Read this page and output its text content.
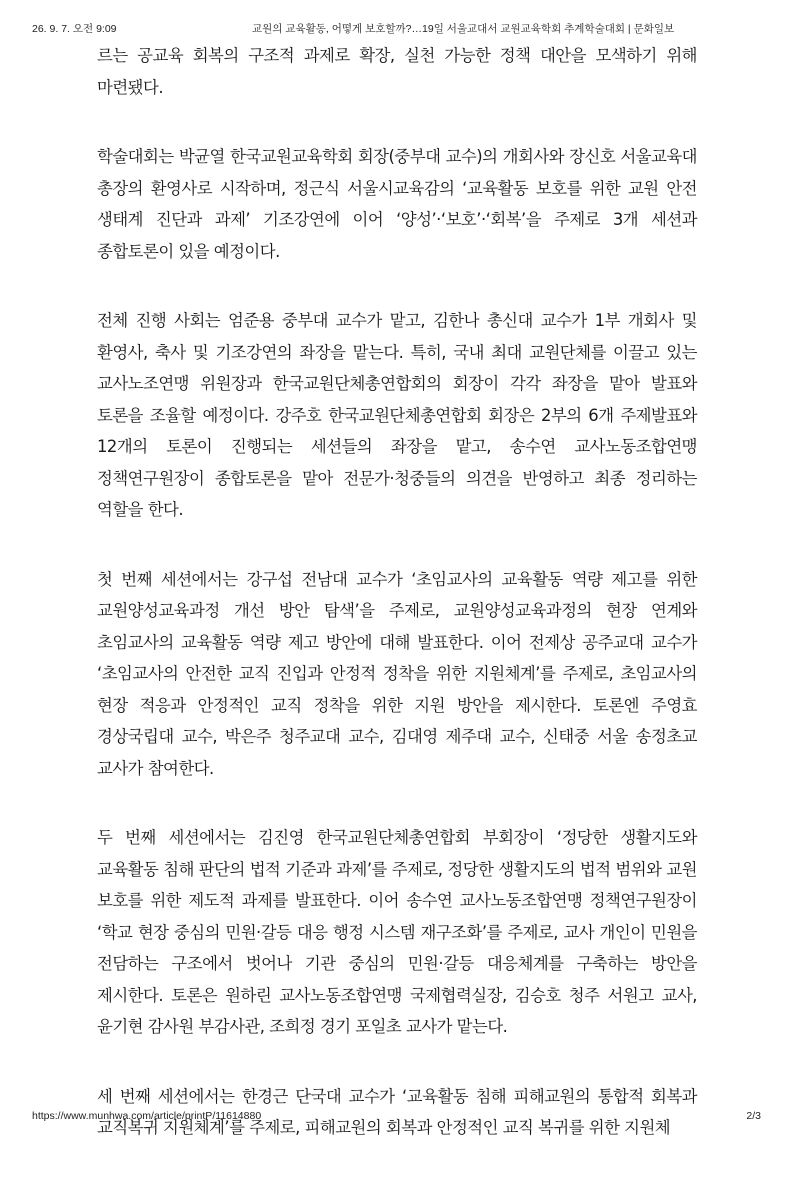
26. 9. 7. 오전 9:09	교원의 교육활동, 어떻게 보호할까?…19일 서울교대서 교원교육학회 추계학술대회 | 문화일보

르는 공교육 회복의 구조적 과제로 확장, 실천 가능한 정책 대안을 모색하기 위해 마련됐다.

학술대회는 박균열 한국교원교육학회 회장(중부대 교수)의 개회사와 장신호 서울교육대 총장의 환영사로 시작하며, 정근식 서울시교육감의 ‘교육활동 보호를 위한 교원 안전 생태계 진단과 과제’ 기조강연에 이어 ‘양성’·‘보호’·‘회복’을 주제로 3개 세션과 종합토론이 있을 예정이다.

전체 진행 사회는 엄준용 중부대 교수가 맡고, 김한나 총신대 교수가 1부 개회사 및 환영사, 축사 및 기조강연의 좌장을 맡는다. 특히, 국내 최대 교원단체를 이끌고 있는 교사노조연맹 위원장과 한국교원단체총연합회의 회장이 각각 좌장을 맡아 발표와 토론을 조율할 예정이다. 강주호 한국교원단체총연합회 회장은 2부의 6개 주제발표와 12개의 토론이 진행되는 세션들의 좌장을 맡고, 송수연 교사노동조합연맹 정책연구원장이 종합토론을 맡아 전문가·청중들의 의견을 반영하고 최종 정리하는 역할을 한다.

첫 번째 세션에서는 강구섭 전남대 교수가 ‘초임교사의 교육활동 역량 제고를 위한 교원양성교육과정 개선 방안 탐색’을 주제로, 교원양성교육과정의 현장 연계와 초임교사의 교육활동 역량 제고 방안에 대해 발표한다. 이어 전제상 공주교대 교수가 ‘초임교사의 안전한 교직 진입과 안정적 정착을 위한 지원체계’를 주제로, 초임교사의 현장 적응과 안정적인 교직 정착을 위한 지원 방안을 제시한다. 토론엔 주영효 경상국립대 교수, 박은주 청주교대 교수, 김대영 제주대 교수, 신태중 서울 송정초교 교사가 참여한다.

두 번째 세션에서는 김진영 한국교원단체총연합회 부회장이 ‘정당한 생활지도와 교육활동 침해 판단의 법적 기준과 과제’를 주제로, 정당한 생활지도의 법적 범위와 교원 보호를 위한 제도적 과제를 발표한다. 이어 송수연 교사노동조합연맹 정책연구원장이 ‘학교 현장 중심의 민원·갈등 대응 행정 시스템 재구조화’를 주제로, 교사 개인이 민원을 전담하는 구조에서 벗어나 기관 중심의 민원·갈등 대응체계를 구축하는 방안을 제시한다. 토론은 원하린 교사노동조합연맹 국제협력실장, 김승호 청주 서원고 교사, 윤기현 감사원 부감사관, 조희정 경기 포일초 교사가 맡는다.

세 번째 세션에서는 한경근 단국대 교수가 ‘교육활동 침해 피해교원의 통합적 회복과 교직복귀 지원체계’를 주제로, 피해교원의 회복과 안정적인 교직 복귀를 위한 지원체

https://www.munhwa.com/article/printP/11614880	2/3
